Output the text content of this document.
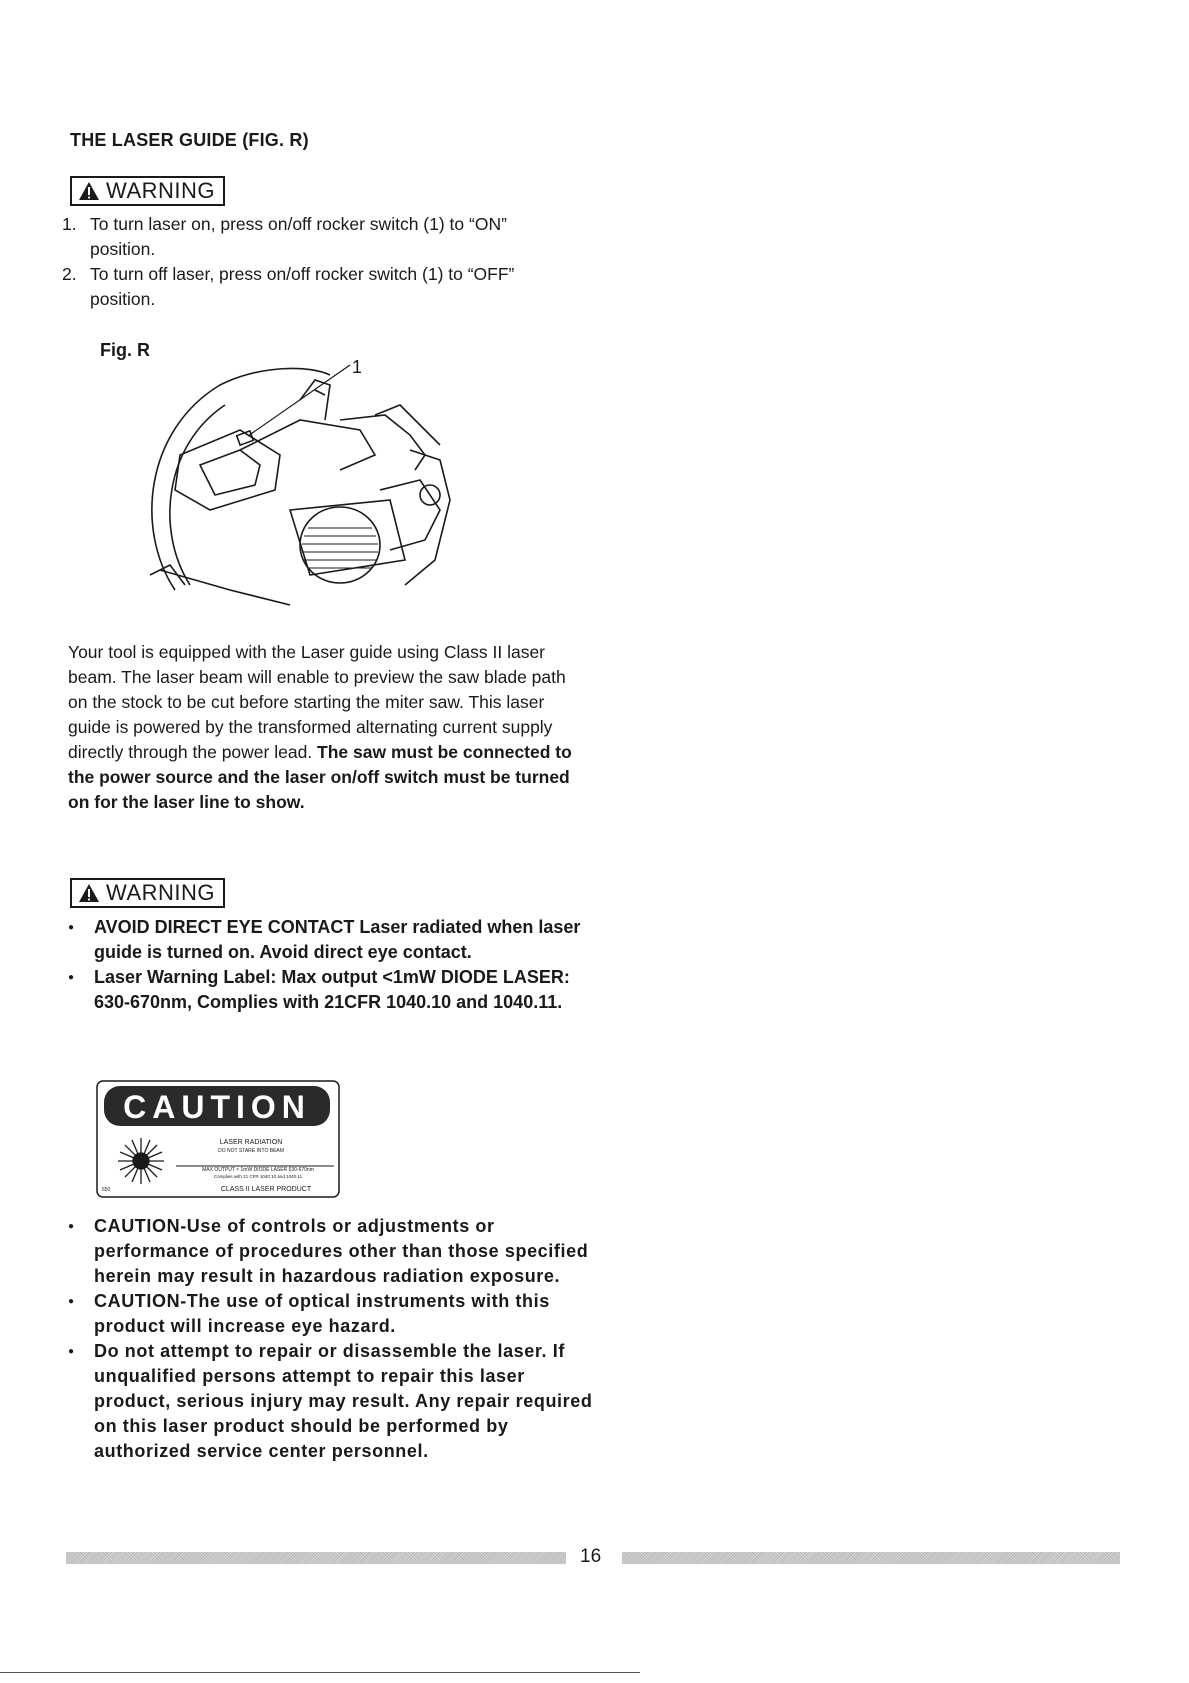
THE LASER GUIDE (FIG. R)
WARNING
1. To turn laser on, press on/off rocker switch (1) to “ON” position.
2. To turn off laser, press on/off rocker switch (1) to “OFF” position.
Fig. R
1
Your tool is equipped with the Laser guide using Class II laser beam. The laser beam will enable to preview the saw blade path on the stock to be cut before starting the miter saw. This laser guide is powered by the transformed alternating current supply directly through the power lead. The saw must be connected to the power source and the laser on/off switch must be turned on for the laser line to show.
WARNING
●	AVOID DIRECT EYE CONTACT Laser radiated when laser guide is turned on. Avoid direct eye contact.
●	Laser Warning Label: Max output <1mW DIODE LASER: 630-670nm, Complies with 21CFR 1040.10 and 1040.11.
CAUTION
LASER RADIATION
DO NOT STARE INTO BEAM
MAX OUTPUT < 1mW DIODE LASER 630-670nm
Complies with 21 CFR 1040.10 and 1040.11
CLASS II LASER PRODUCT
650
●	CAUTION-Use of controls or adjustments or performance of procedures other than those specified herein may result in hazardous radiation exposure.
●	CAUTION-The use of optical instruments with this product will increase eye hazard.
●	Do not attempt to repair or disassemble the laser. If unqualified persons attempt to repair this laser product, serious injury may result. Any repair required on this laser product should be performed by authorized service center personnel.
16
